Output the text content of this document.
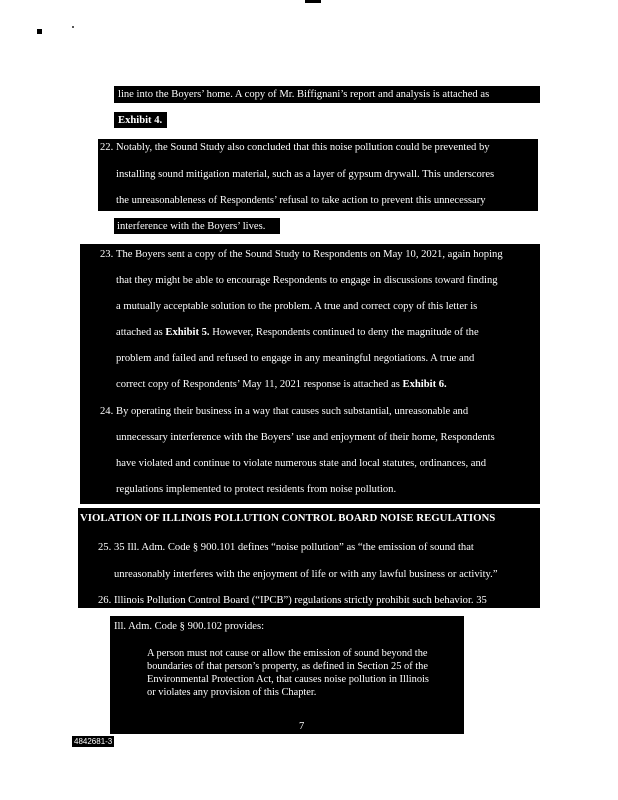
line into the Boyers’ home. A copy of Mr. Biffignani’s report and analysis is attached as
Exhibit 4.
22. Notably, the Sound Study also concluded that this noise pollution could be prevented by
installing sound mitigation material, such as a layer of gypsum drywall. This underscores
the unreasonableness of Respondents’ refusal to take action to prevent this unnecessary
interference with the Boyers’ lives.
23. The Boyers sent a copy of the Sound Study to Respondents on May 10, 2021, again hoping
that they might be able to encourage Respondents to engage in discussions toward finding
a mutually acceptable solution to the problem. A true and correct copy of this letter is
attached as Exhibit 5. However, Respondents continued to deny the magnitude of the
problem and failed and refused to engage in any meaningful negotiations. A true and
correct copy of Respondents’ May 11, 2021 response is attached as Exhibit 6.
24. By operating their business in a way that causes such substantial, unreasonable and
unnecessary interference with the Boyers’ use and enjoyment of their home, Respondents
have violated and continue to violate numerous state and local statutes, ordinances, and
regulations implemented to protect residents from noise pollution.
VIOLATION OF ILLINOIS POLLUTION CONTROL BOARD NOISE REGULATIONS
25. 35 Ill. Adm. Code § 900.101 defines “noise pollution” as “the emission of sound that
unreasonably interferes with the enjoyment of life or with any lawful business or activity.”
26. Illinois Pollution Control Board (“IPCB”) regulations strictly prohibit such behavior. 35
Ill. Adm. Code § 900.102 provides:
A person must not cause or allow the emission of sound beyond the
boundaries of that person’s property, as defined in Section 25 of the
Environmental Protection Act, that causes noise pollution in Illinois
or violates any provision of this Chapter.
7
4842681-3
